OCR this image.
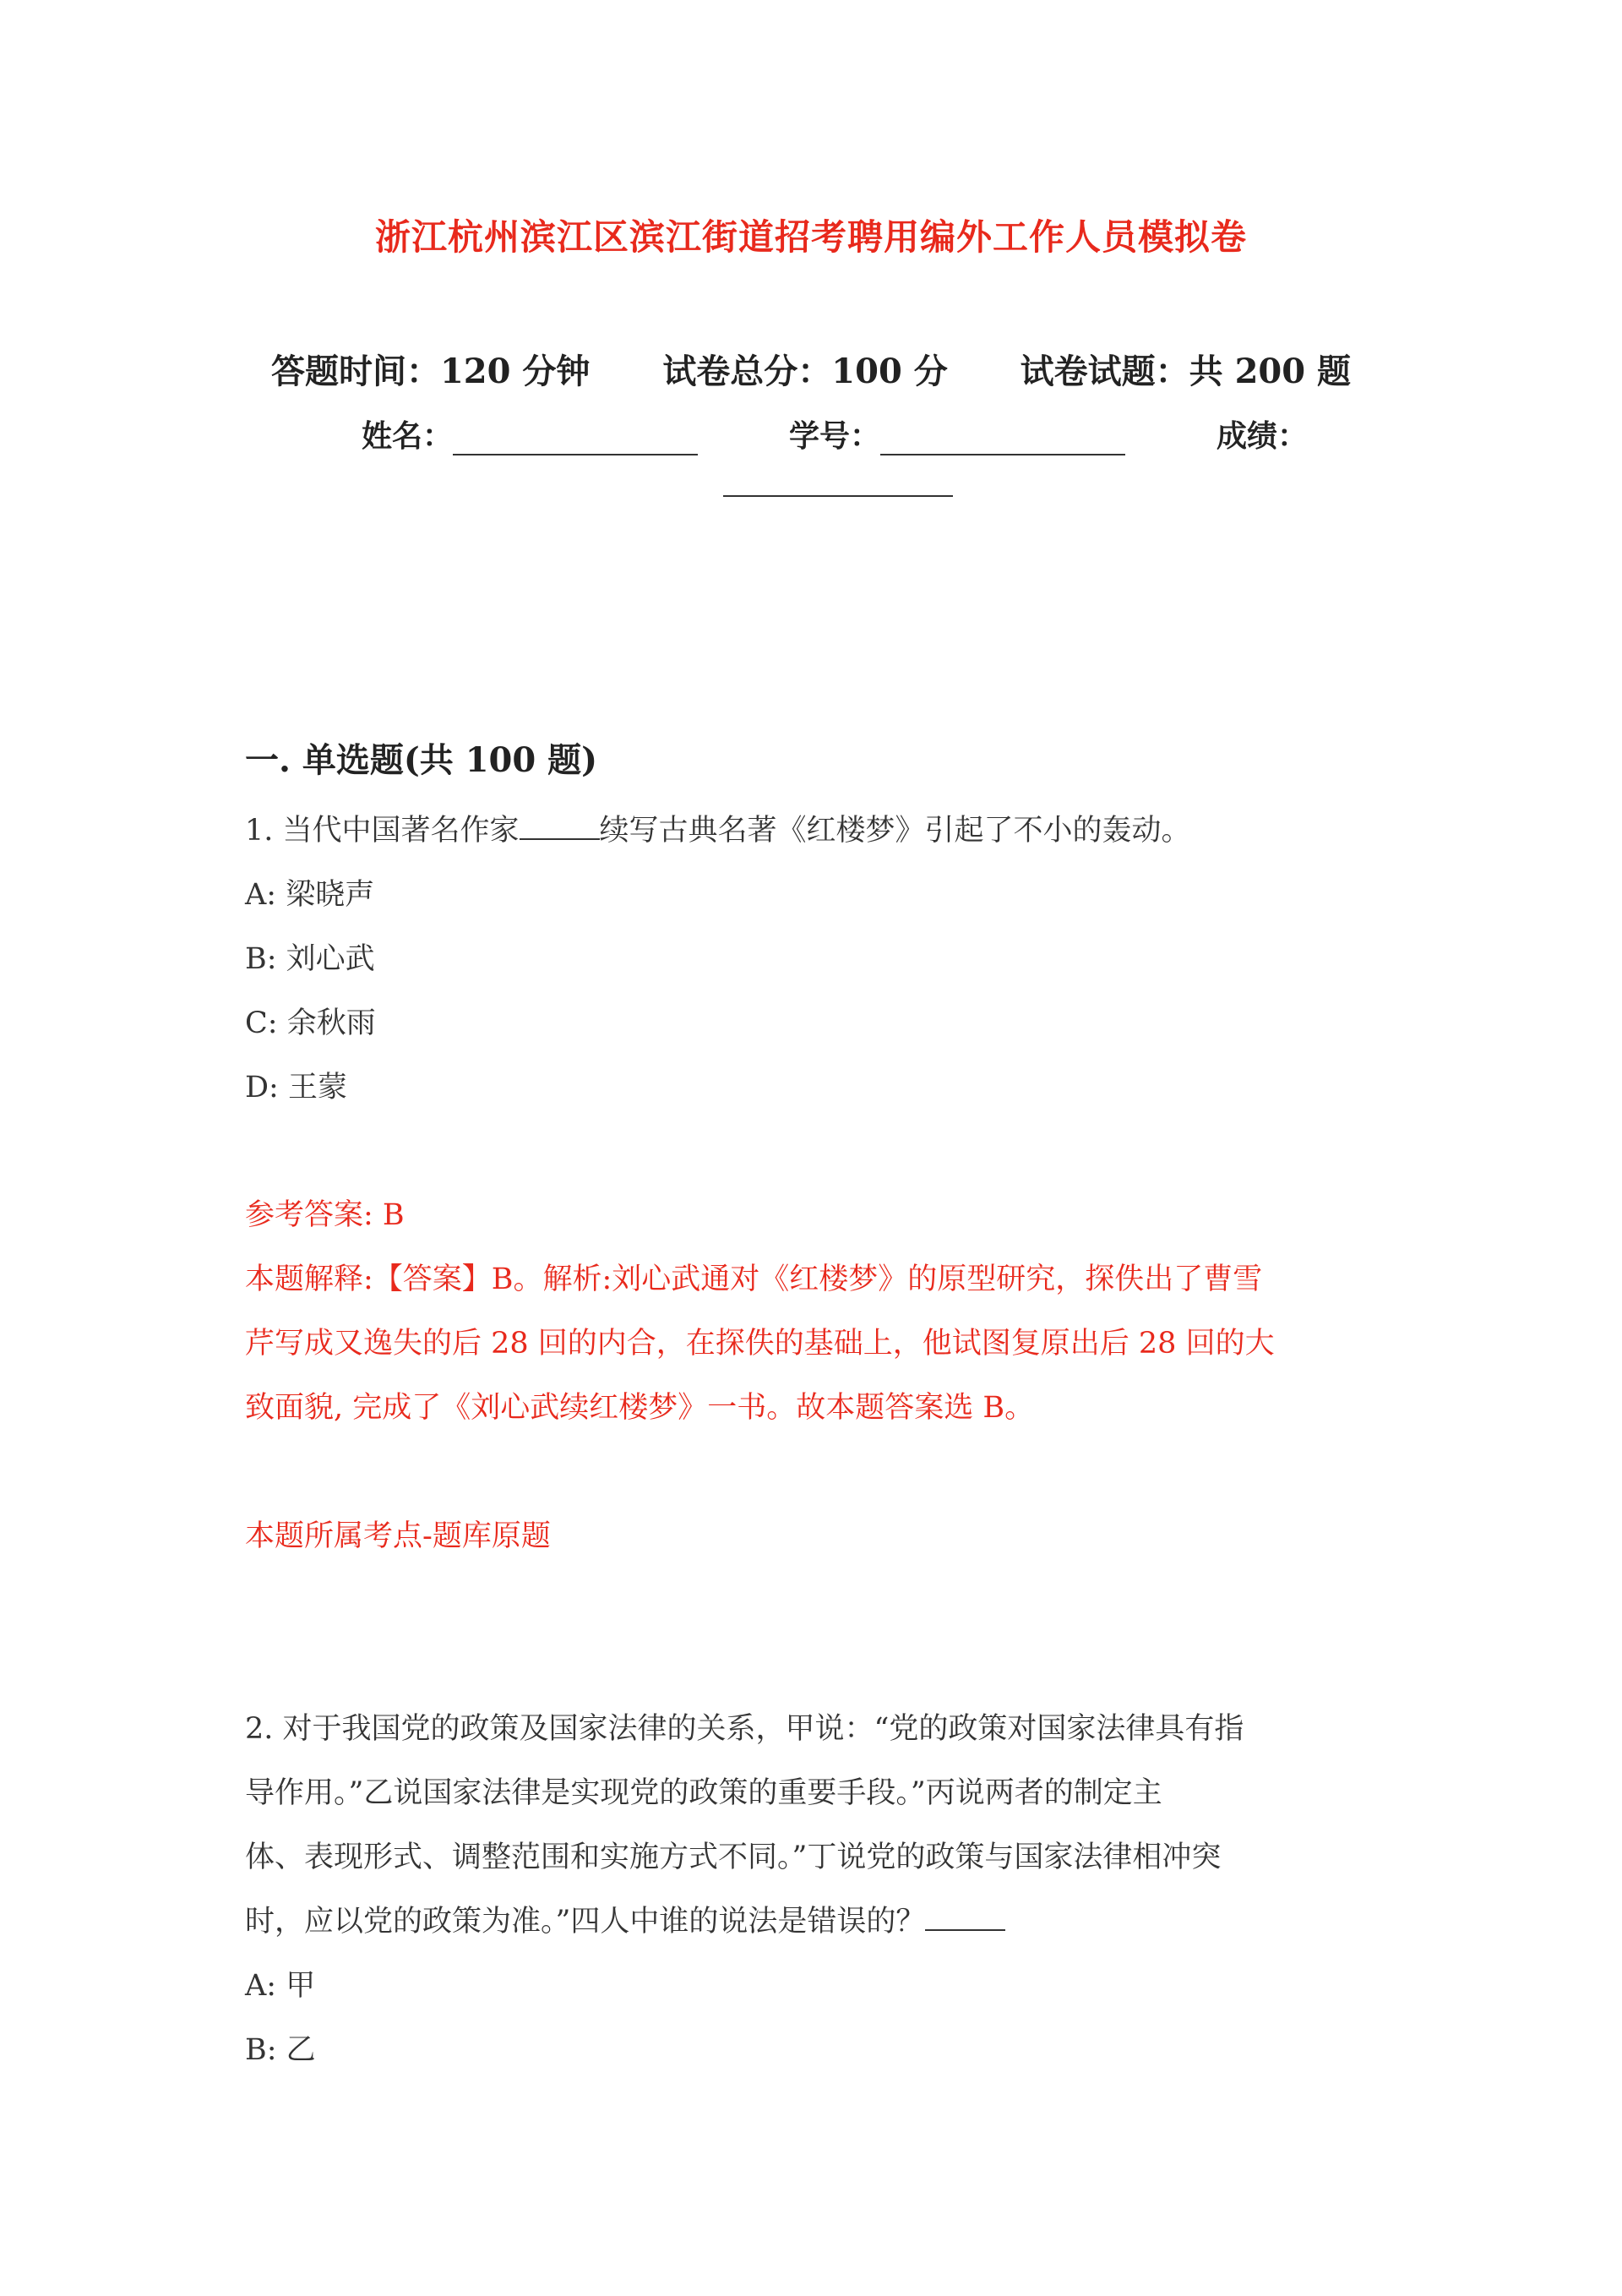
浙江杭州滨江区滨江街道招考聘用编外工作人员模拟卷
答题时间：120 分钟 试卷总分：100 分 试卷试题：共 200 题
姓名：	学号：	成绩：
一. 单选题(共 100 题)
1. 当代中国著名作家	续写古典名著《红楼梦》引起了不小的轰动。
A: 梁晓声
B: 刘心武
C: 余秋雨
D: 王蒙
参考答案: B
本题解释:【答案】B。解析:刘心武通对《红楼梦》的原型研究，探佚出了曹雪
芹写成又逸失的后 28 回的内合，在探佚的基础上，他试图复原出后 28 回的大
致面貌, 完成了《刘心武续红楼梦》一书。故本题答案选 B。
本题所属考点-题库原题
2. 对于我国党的政策及国家法律的关系，甲说：“党的政策对国家法律具有指
导作用。”乙说国家法律是实现党的政策的重要手段。”丙说两者的制定主
体、表现形式、调整范围和实施方式不同。”丁说党的政策与国家法律相冲突
时，应以党的政策为准。”四人中谁的说法是错误的？
A: 甲
B: 乙
